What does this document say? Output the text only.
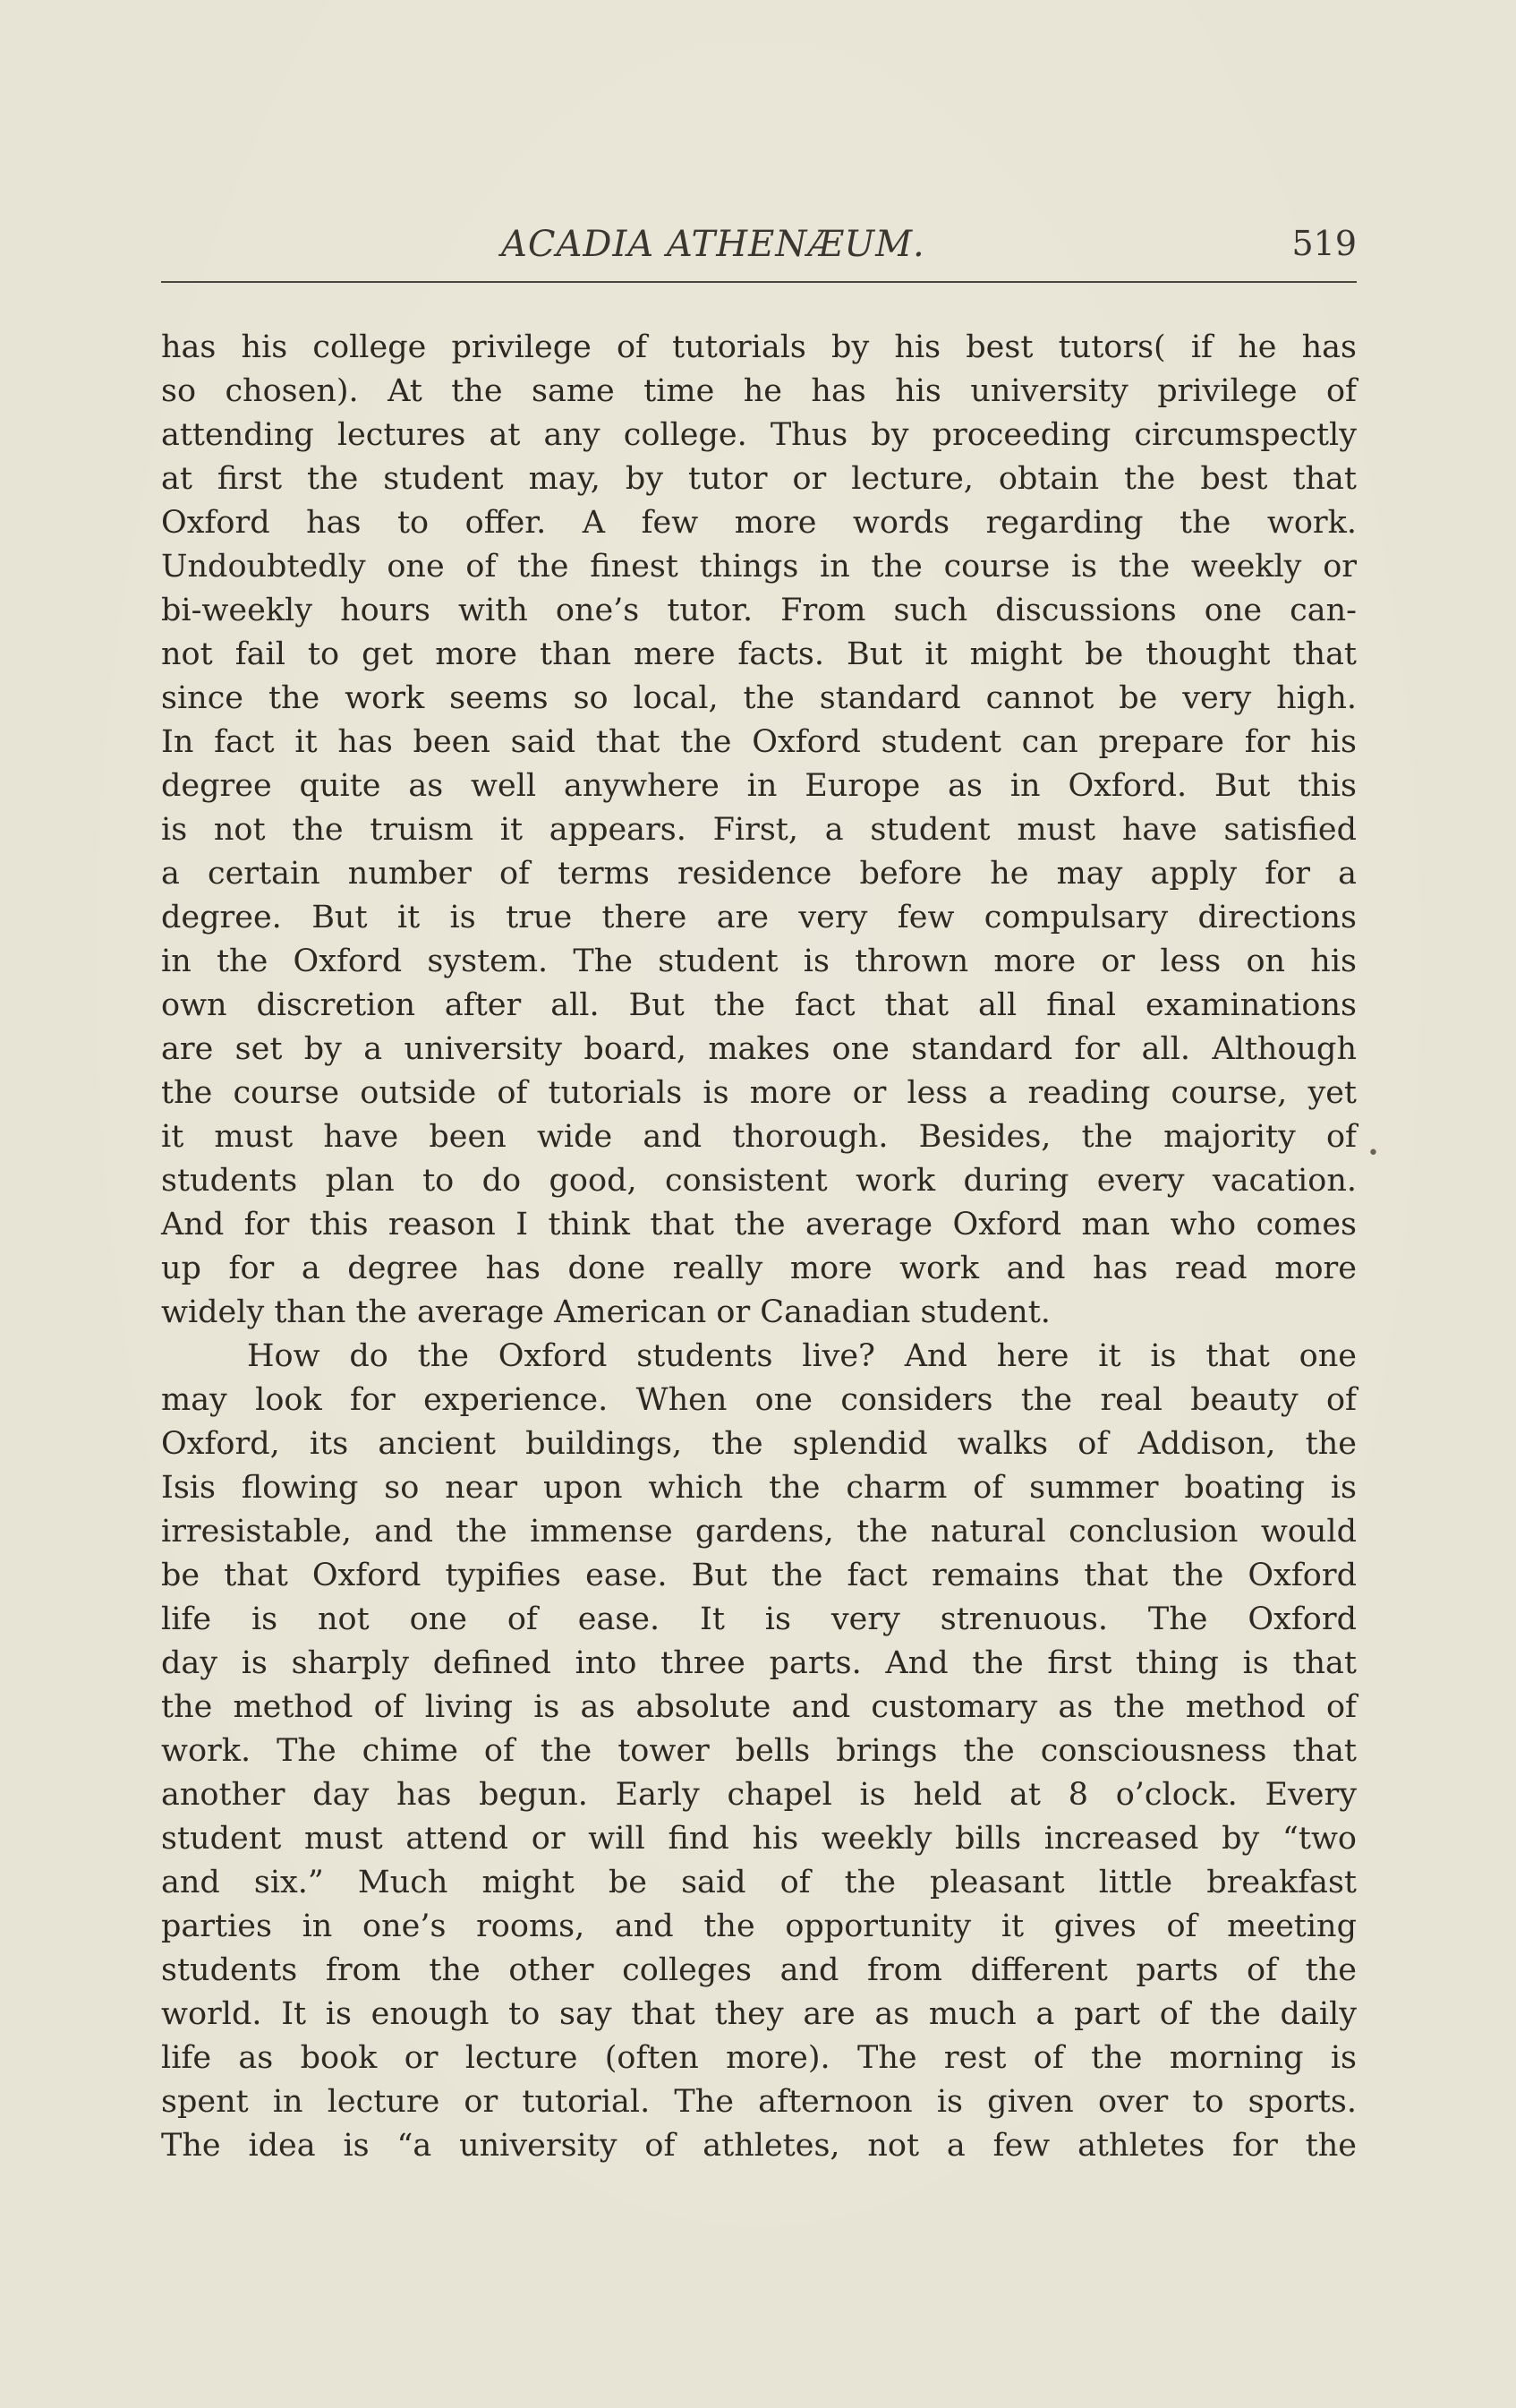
ACADIA ATHENÆUM.	519
has his college privilege of tutorials by his best tutors( if he has
so chosen). At the same time he has his university privilege of
attending lectures at any college. Thus by proceeding circumspectly
at first the student may, by tutor or lecture, obtain the best that
Oxford has to offer. A few more words regarding the work.
Undoubtedly one of the finest things in the course is the weekly or
bi-weekly hours with one’s tutor. From such discussions one can-
not fail to get more than mere facts. But it might be thought that
since the work seems so local, the standard cannot be very high.
In fact it has been said that the Oxford student can prepare for his
degree quite as well anywhere in Europe as in Oxford. But this
is not the truism it appears. First, a student must have satisfied
a certain number of terms residence before he may apply for a
degree. But it is true there are very few compulsary directions
in the Oxford system. The student is thrown more or less on his
own discretion after all. But the fact that all final examinations
are set by a university board, makes one standard for all. Although
the course outside of tutorials is more or less a reading course, yet
it must have been wide and thorough. Besides, the majority of
students plan to do good, consistent work during every vacation.
And for this reason I think that the average Oxford man who comes
up for a degree has done really more work and has read more
widely than the average American or Canadian student.
How do the Oxford students live? And here it is that one
may look for experience. When one considers the real beauty of
Oxford, its ancient buildings, the splendid walks of Addison, the
Isis flowing so near upon which the charm of summer boating is
irresistable, and the immense gardens, the natural conclusion would
be that Oxford typifies ease. But the fact remains that the Oxford
life is not one of ease. It is very strenuous. The Oxford
day is sharply defined into three parts. And the first thing is that
the method of living is as absolute and customary as the method of
work. The chime of the tower bells brings the consciousness that
another day has begun. Early chapel is held at 8 o’clock. Every
student must attend or will find his weekly bills increased by “two
and six.” Much might be said of the pleasant little breakfast
parties in one’s rooms, and the opportunity it gives of meeting
students from the other colleges and from different parts of the
world. It is enough to say that they are as much a part of the daily
life as book or lecture (often more). The rest of the morning is
spent in lecture or tutorial. The afternoon is given over to sports.
The idea is “a university of athletes, not a few athletes for the
•
